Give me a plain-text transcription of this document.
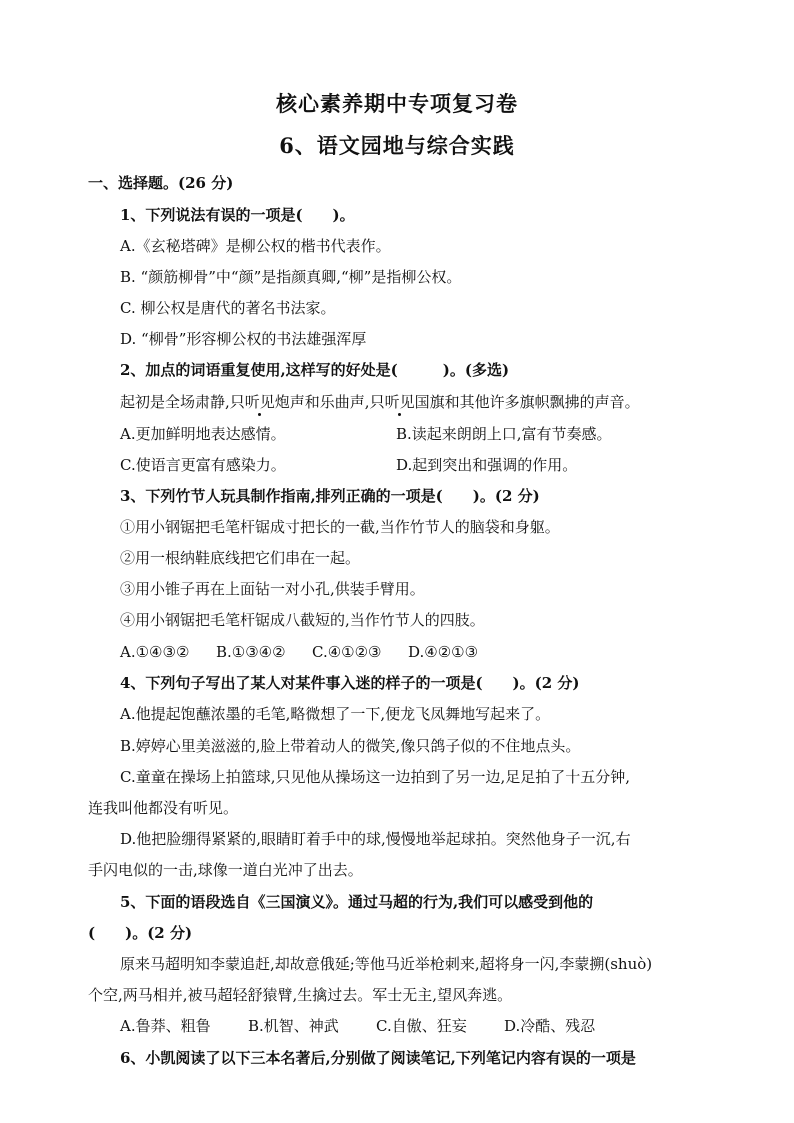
核心素养期中专项复习卷
6、语文园地与综合实践
一、选择题。(26 分)
1、下列说法有误的一项是(　　)。
A.《玄秘塔碑》是柳公权的楷书代表作。
B. “颜筋柳骨”中“颜”是指颜真卿,“柳”是指柳公权。
C. 柳公权是唐代的著名书法家。
D. “柳骨”形容柳公权的书法雄强浑厚
2、加点的词语重复使用,这样写的好处是(　　　)。(多选)
起初是全场肃静,只听见炮声和乐曲声,只听见国旗和其他许多旗帜飘拂的声音。
A.更加鲜明地表达感情。	B.读起来朗朗上口,富有节奏感。
C.使语言更富有感染力。	D.起到突出和强调的作用。
3、下列竹节人玩具制作指南,排列正确的一项是(　　)。(2 分)
①用小钢锯把毛笔杆锯成寸把长的一截,当作竹节人的脑袋和身躯。
②用一根纳鞋底线把它们串在一起。
③用小锥子再在上面钻一对小孔,供装手臂用。
④用小钢锯把毛笔杆锯成八截短的,当作竹节人的四肢。
A.①④③② B.①③④② C.④①②③ D.④②①③
4、下列句子写出了某人对某件事入迷的样子的一项是(　　)。(2 分)
A.他提起饱蘸浓墨的毛笔,略微想了一下,便龙飞凤舞地写起来了。
B.婷婷心里美滋滋的,脸上带着动人的微笑,像只鸽子似的不住地点头。
C.童童在操场上拍篮球,只见他从操场这一边拍到了另一边,足足拍了十五分钟,
连我叫他都没有听见。
D.他把脸绷得紧紧的,眼睛盯着手中的球,慢慢地举起球拍。突然他身子一沉,右
手闪电似的一击,球像一道白光冲了出去。
5、下面的语段选自《三国演义》。通过马超的行为,我们可以感受到他的
(　　)。(2 分)
原来马超明知李蒙追赶,却故意俄延;等他马近举枪刺来,超将身一闪,李蒙搠(shuò)
个空,两马相并,被马超轻舒猿臂,生擒过去。军士无主,望风奔逃。
A.鲁莽、粗鲁 B.机智、神武 C.自傲、狂妄 D.冷酷、残忍
6、小凯阅读了以下三本名著后,分别做了阅读笔记,下列笔记内容有误的一项是
